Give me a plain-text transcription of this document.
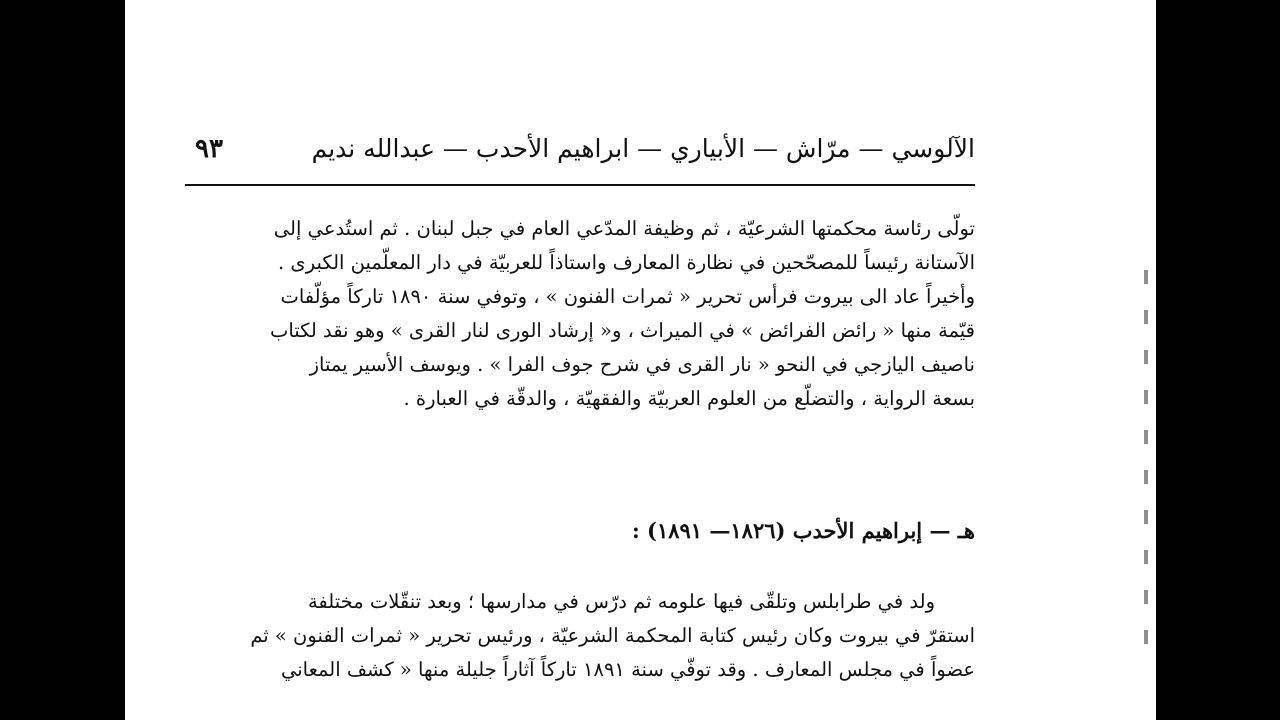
الآلوسي — مرّاش — الأبياري — ابراهيم الأحدب — عبدالله نديم
٩٣
تولّى رئاسة محكمتها الشرعيّة ، ثم وظيفة المدّعي العام في جبل لبنان . ثم استُدعي إلى
الآستانة رئيساً للمصحّحين في نظارة المعارف واستاذاً للعربيّة في دار المعلّمين الكبرى .
وأخيراً عاد الى بيروت فرأس تحرير « ثمرات الفنون » ، وتوفي سنة ١٨٩٠ تاركاً مؤلّفات
قيّمة منها « رائض الفرائض » في الميراث ، و« إرشاد الورى لنار القرى » وهو نقد لكتاب
ناصيف اليازجي في النحو « نار القرى في شرح جوف الفرا » . ويوسف الأسير يمتاز
بسعة الرواية ، والتضلّع من العلوم العربيّة والفقهيّة ، والدقّة في العبارة .
هـ — إبراهيم الأحدب (١٨٢٦— ١٨٩١) :
ولد في طرابلس وتلقّى فيها علومه ثم درّس في مدارسها ؛ وبعد تنقّلات مختلفة
استقرّ في بيروت وكان رئيس كتابة المحكمة الشرعيّة ، ورئيس تحرير « ثمرات الفنون » ثم
عضواً في مجلس المعارف . وقد توفّي سنة ١٨٩١ تاركاً آثاراً جليلة منها « كشف المعاني
